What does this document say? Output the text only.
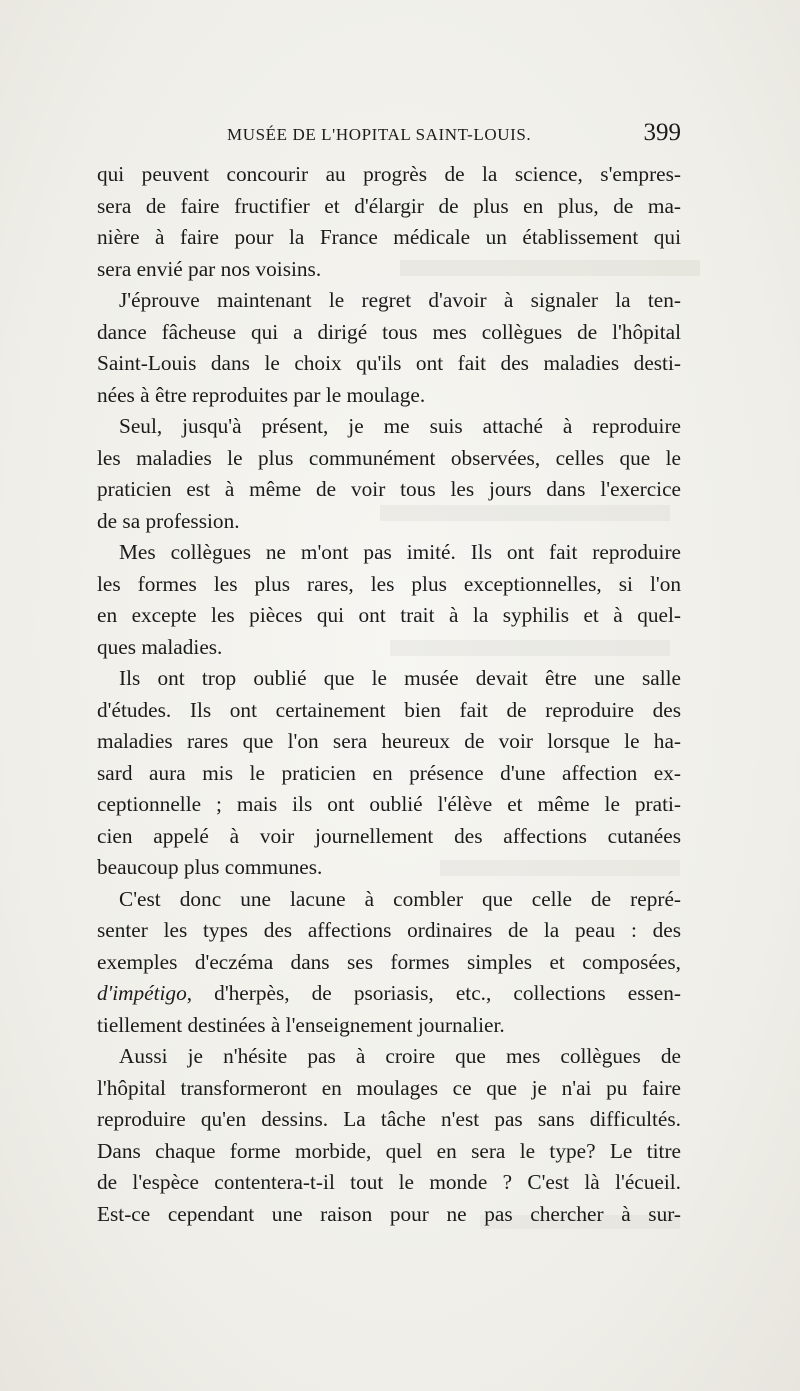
MUSÉE DE L'HOPITAL SAINT-LOUIS.	399
qui peuvent concourir au progrès de la science, s'empres-
sera de faire fructifier et d'élargir de plus en plus, de ma-
nière à faire pour la France médicale un établissement qui
sera envié par nos voisins.
J'éprouve maintenant le regret d'avoir à signaler la ten-
dance fâcheuse qui a dirigé tous mes collègues de l'hôpital
Saint-Louis dans le choix qu'ils ont fait des maladies desti-
nées à être reproduites par le moulage.
Seul, jusqu'à présent, je me suis attaché à reproduire
les maladies le plus communément observées, celles que le
praticien est à même de voir tous les jours dans l'exercice
de sa profession.
Mes collègues ne m'ont pas imité. Ils ont fait reproduire
les formes les plus rares, les plus exceptionnelles, si l'on
en excepte les pièces qui ont trait à la syphilis et à quel-
ques maladies.
Ils ont trop oublié que le musée devait être une salle
d'études. Ils ont certainement bien fait de reproduire des
maladies rares que l'on sera heureux de voir lorsque le ha-
sard aura mis le praticien en présence d'une affection ex-
ceptionnelle ; mais ils ont oublié l'élève et même le prati-
cien appelé à voir journellement des affections cutanées
beaucoup plus communes.
C'est donc une lacune à combler que celle de repré-
senter les types des affections ordinaires de la peau : des
exemples d'eczéma dans ses formes simples et composées,
d'impétigo, d'herpès, de psoriasis, etc., collections essen-
tiellement destinées à l'enseignement journalier.
Aussi je n'hésite pas à croire que mes collègues de
l'hôpital transformeront en moulages ce que je n'ai pu faire
reproduire qu'en dessins. La tâche n'est pas sans difficultés.
Dans chaque forme morbide, quel en sera le type? Le titre
de l'espèce contentera-t-il tout le monde ? C'est là l'écueil.
Est-ce cependant une raison pour ne pas chercher à sur-
